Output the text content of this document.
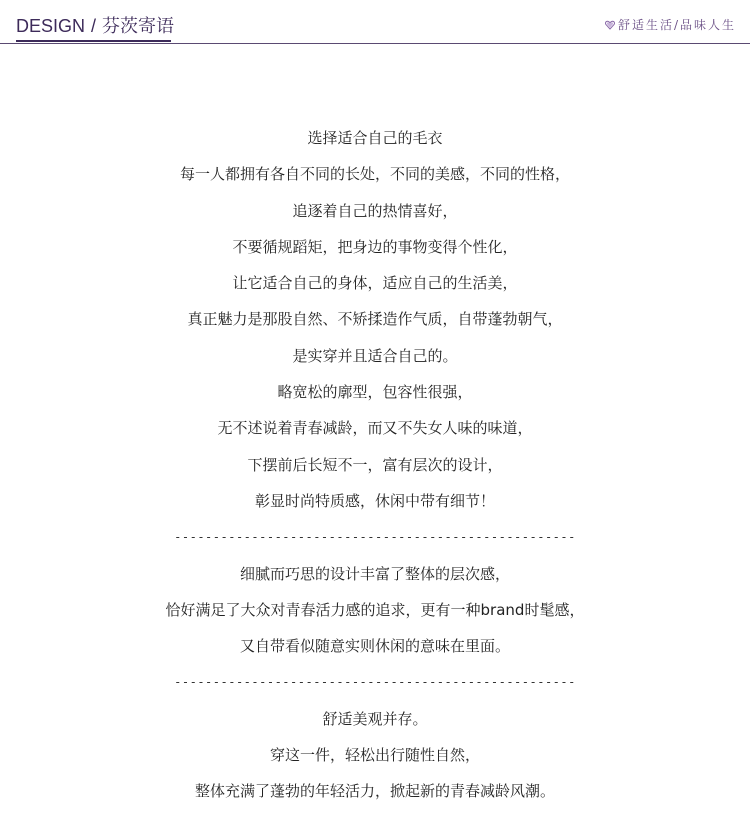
DESIGN / 芬茨寄语	舒适生活/品味人生
选择适合自己的毛衣
每一人都拥有各自不同的长处，不同的美感，不同的性格，
追逐着自己的热情喜好，
不要循规蹈矩，把身边的事物变得个性化，
让它适合自己的身体，适应自己的生活美，
真正魅力是那股自然、不矫揉造作气质，自带蓬勃朝气，
是实穿并且适合自己的。
略宽松的廓型，包容性很强，
无不述说着青春减龄，而又不失女人味的味道，
下摆前后长短不一，富有层次的设计，
彰显时尚特质感，休闲中带有细节！
----------------------------------------------------
细腻而巧思的设计丰富了整体的层次感，
恰好满足了大众对青春活力感的追求，更有一种brand时髦感，
又自带看似随意实则休闲的意味在里面。
----------------------------------------------------
舒适美观并存。
穿这一件，轻松出行随性自然，
整体充满了蓬勃的年轻活力，掀起新的青春减龄风潮。
